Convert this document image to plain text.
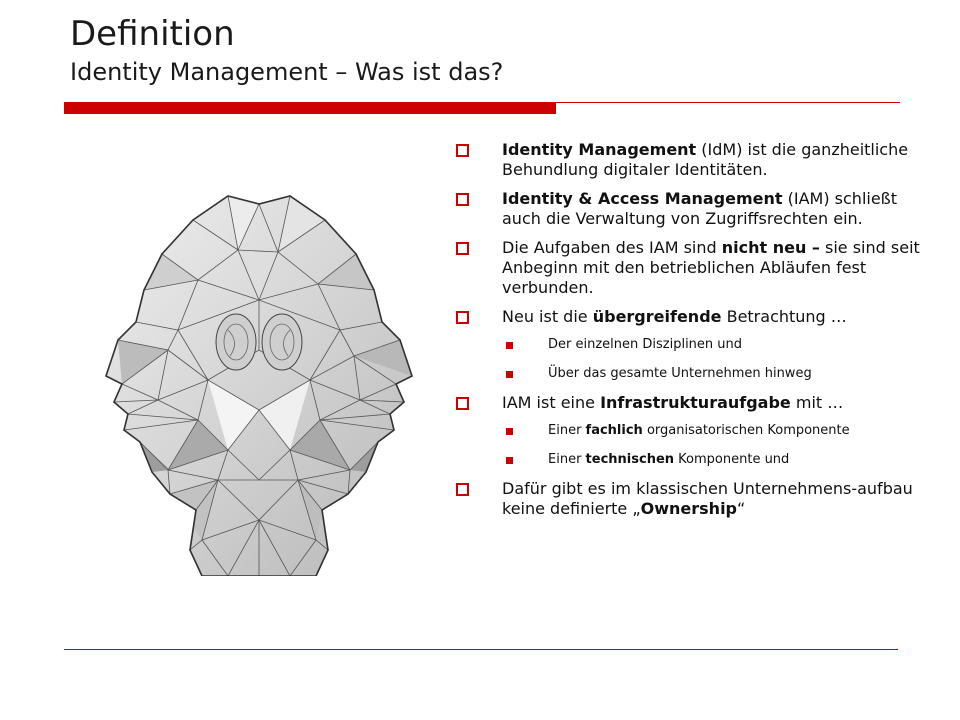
Definition
Identity Management – Was ist das?
Identity Management (IdM) ist die ganzheitliche Behundlung digitaler Identitäten.
Identity & Access Management (IAM) schließt auch die Verwaltung von Zugriffsrechten ein.
Die Aufgaben des IAM sind nicht neu – sie sind seit Anbeginn mit den betrieblichen Abläufen fest verbunden.
Neu ist die übergreifende Betrachtung …
Der einzelnen Disziplinen und
Über das gesamte Unternehmen hinweg
IAM ist eine Infrastrukturaufgabe mit …
Einer fachlich organisatorischen Komponente
Einer technischen Komponente und
Dafür gibt es im klassischen Unternehmens-aufbau keine definierte „Ownership“
